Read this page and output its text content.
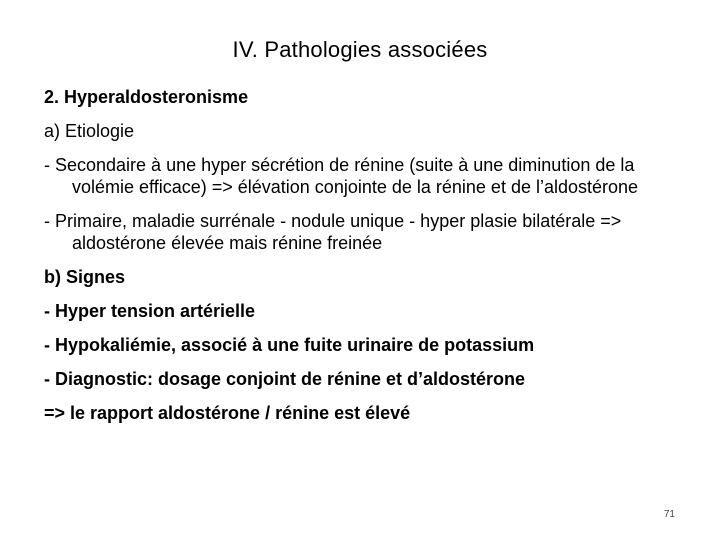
IV. Pathologies associées
2. Hyperaldosteronisme
a) Etiologie
- Secondaire à une hyper sécrétion de rénine (suite à une diminution de la volémie efficace) => élévation conjointe de la rénine et de l’aldostérone
- Primaire, maladie surrénale - nodule unique - hyper plasie bilatérale => aldostérone élevée mais rénine freinée
b) Signes
- Hyper tension artérielle
- Hypokaliémie, associé à une fuite urinaire de potassium
- Diagnostic: dosage conjoint de rénine et d’aldostérone
=> le rapport aldostérone / rénine est élevé
71
